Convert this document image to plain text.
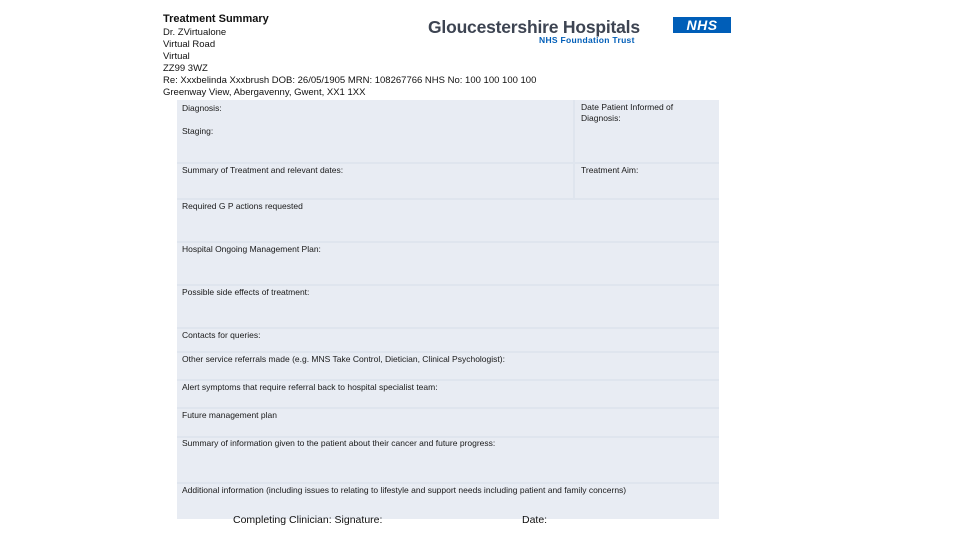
Treatment Summary
Dr. ZVirtualone
Virtual Road
Virtual
ZZ99 3WZ
Re: Xxxbelinda Xxxbrush DOB: 26/05/1905 MRN: 108267766 NHS No: 100 100 100 100
Greenway View, Abergavenny, Gwent, XX1 1XX
Gloucestershire Hospitals
NHS Foundation Trust
NHS
Diagnosis:
Staging:
Date Patient Informed of Diagnosis:
Summary of Treatment and relevant dates:	Treatment Aim:
Required G P actions requested
Hospital Ongoing Management Plan:
Possible side effects of treatment:
Contacts for queries:
Other service referrals made (e.g. MNS Take Control, Dietician, Clinical Psychologist):
Alert symptoms that require referral back to hospital specialist team:
Future management plan
Summary of information given to the patient about their cancer and future progress:
Additional information (including issues to relating to lifestyle and support needs including patient and family concerns)
Completing Clinician: Signature:	Date:
